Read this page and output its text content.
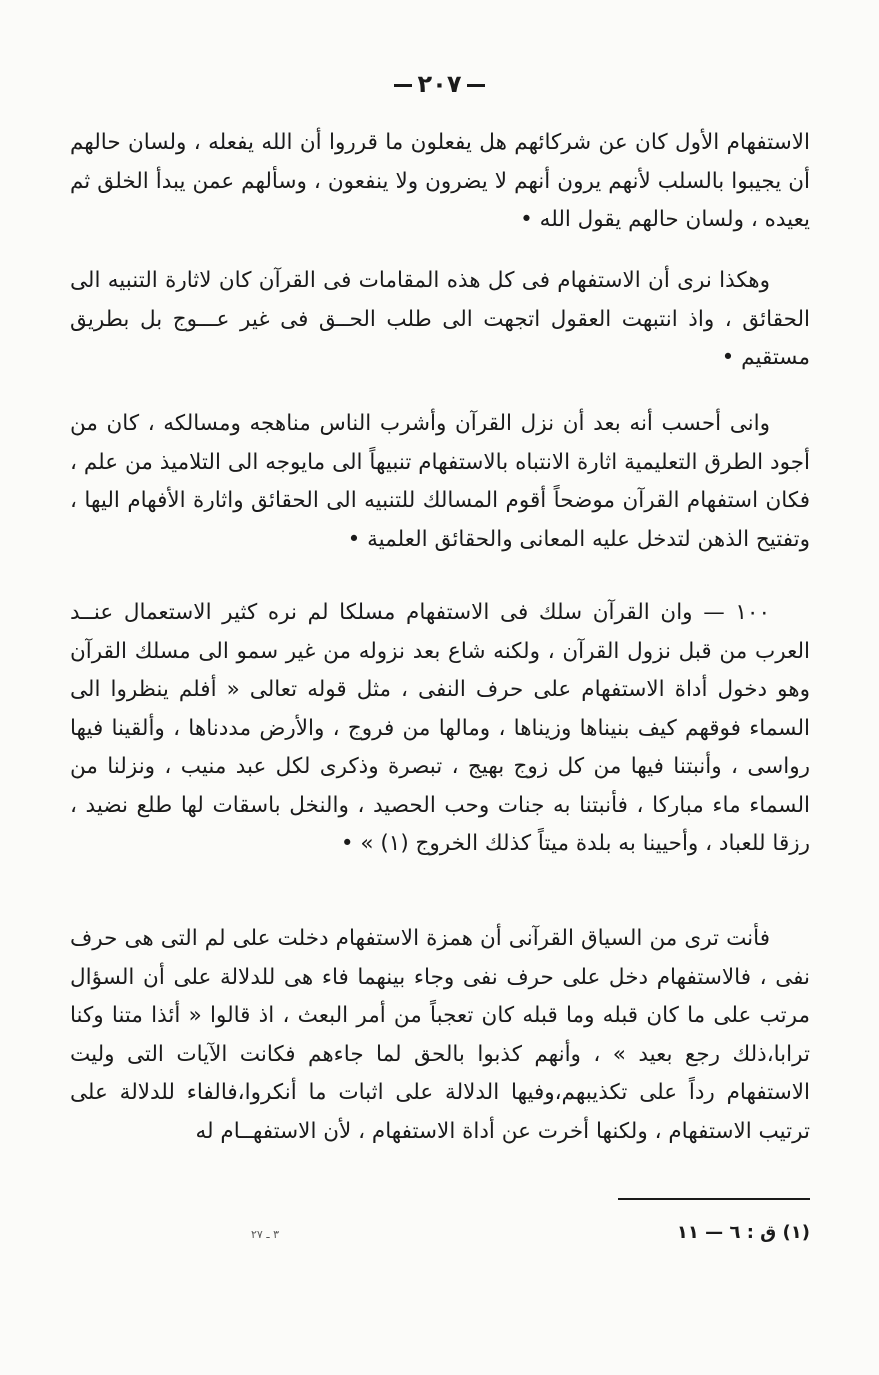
٢٠٧

الاستفهام الأول كان عن شركائهم هل يفعلون ما قرروا أن الله يفعله ، ولسان حالهم أن يجيبوا بالسلب لأنهم يرون أنهم لا يضرون ولا ينفعون ، وسألهم عمن يبدأ الخلق ثم يعيده ، ولسان حالهم يقول الله •

وهكذا نرى أن الاستفهام فى كل هذه المقامات فى القرآن كان لاثارة التنبيه الى الحقائق ، واذ انتبهت العقول اتجهت الى طلب الحــق فى غير عـــوج بل بطريق مستقيم •

وانى أحسب أنه بعد أن نزل القرآن وأشرب الناس مناهجه ومسالكه ، كان من أجود الطرق التعليمية اثارة الانتباه بالاستفهام تنبيهاً الى مايوجه الى التلاميذ من علم ، فكان استفهام القرآن موضحاً أقوم المسالك للتنبيه الى الحقائق واثارة الأفهام اليها ، وتفتيح الذهن لتدخل عليه المعانى والحقائق العلمية •

١٠٠ — وان القرآن سلك فى الاستفهام مسلكا لم نره كثير الاستعمال عنــد العرب من قبل نزول القرآن ، ولكنه شاع بعد نزوله من غير سمو الى مسلك القرآن وهو دخول أداة الاستفهام على حرف النفى ، مثل قوله تعالى « أفلم ينظروا الى السماء فوقهم كيف بنيناها وزيناها ، ومالها من فروج ، والأرض مددناها ، وألقينا فيها رواسى ، وأنبتنا فيها من كل زوج بهيج ، تبصرة وذكرى لكل عبد منيب ، ونزلنا من السماء ماء مباركا ، فأنبتنا به جنات وحب الحصيد ، والنخل باسقات لها طلع نضيد ، رزقا للعباد ، وأحيينا به بلدة ميتاً كذلك الخروج (١) » •

فأنت ترى من السياق القرآنى أن همزة الاستفهام دخلت على لم التى هى حرف نفى ، فالاستفهام دخل على حرف نفى وجاء بينهما فاء هى للدلالة على أن السؤال مرتب على ما كان قبله وما قبله كان تعجباً من أمر البعث ، اذ قالوا « أئذا متنا وكنا ترابا،ذلك رجع بعيد » ، وأنهم كذبوا بالحق لما جاءهم فكانت الآيات التى وليت الاستفهام رداً على تكذيبهم،وفيها الدلالة على اثبات ما أنكروا،فالفاء للدلالة على ترتيب الاستفهام ، ولكنها أخرت عن أداة الاستفهام ، لأن الاستفهــام له

(١) ق : ٦ — ١١
٣ ـ ٢٧
